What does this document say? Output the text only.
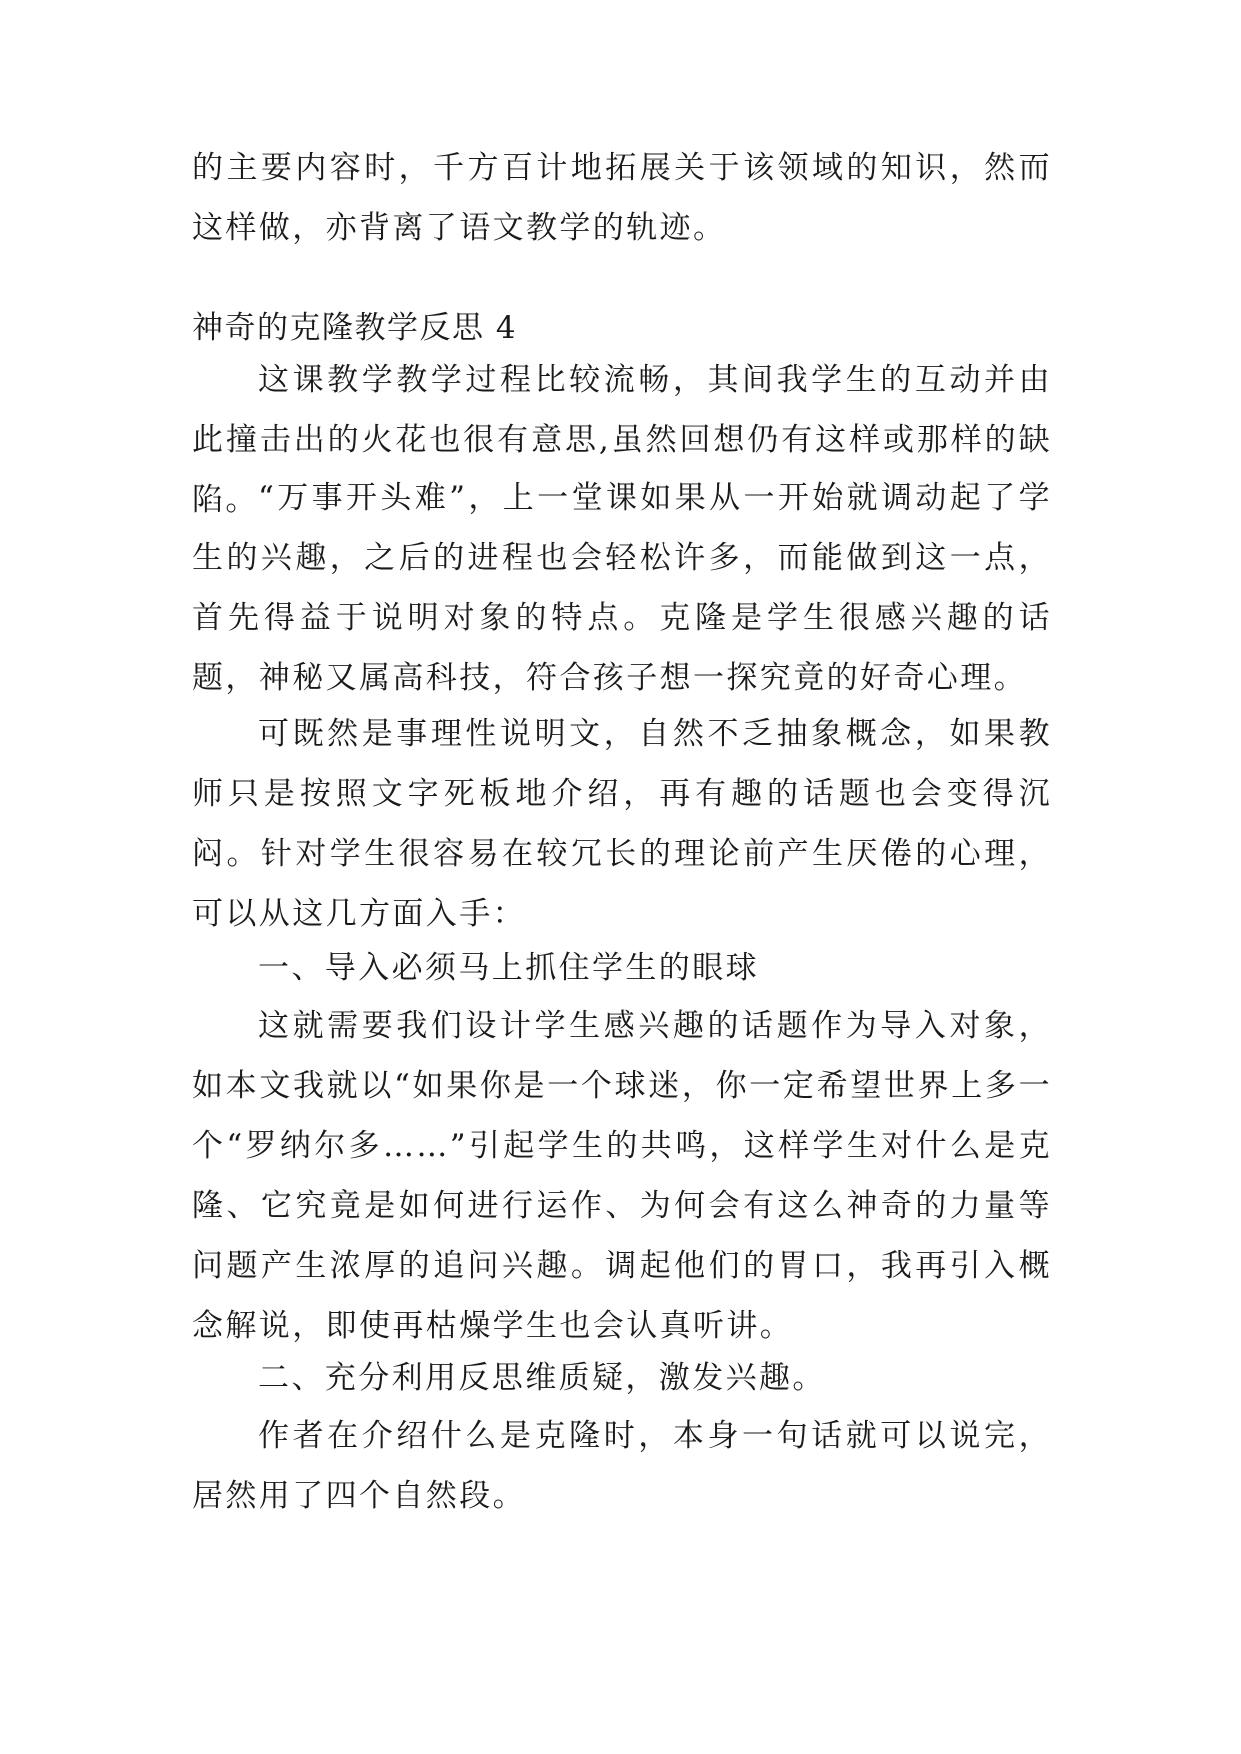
的主要内容时，千方百计地拓展关于该领域的知识，然而这样做，亦背离了语文教学的轨迹。

神奇的克隆教学反思 4

这课教学教学过程比较流畅，其间我学生的互动并由此撞击出的火花也很有意思,虽然回想仍有这样或那样的缺陷。 “万事开头难”，上一堂课如果从一开始就调动起了学生的兴趣，之后的进程也会轻松许多，而能做到这一点，首先得益于说明对象的特点。克隆是学生很感兴趣的话题，神秘又属高科技，符合孩子想一探究竟的好奇心理。

可既然是事理性说明文，自然不乏抽象概念，如果教师只是按照文字死板地介绍，再有趣的话题也会变得沉闷。针对学生很容易在较冗长的理论前产生厌倦的心理，可以从这几方面入手：

一、导入必须马上抓住学生的眼球

这就需要我们设计学生感兴趣的话题作为导入对象，如本文我就以“如果你是一个球迷，你一定希望世界上多一个“罗纳尔多……”引起学生的共鸣，这样学生对什么是克隆、它究竟是如何进行运作、为何会有这么神奇的力量等问题产生浓厚的追问兴趣。调起他们的胃口，我再引入概念解说，即使再枯燥学生也会认真听讲。

二、充分利用反思维质疑，激发兴趣。

作者在介绍什么是克隆时，本身一句话就可以说完，居然用了四个自然段。
